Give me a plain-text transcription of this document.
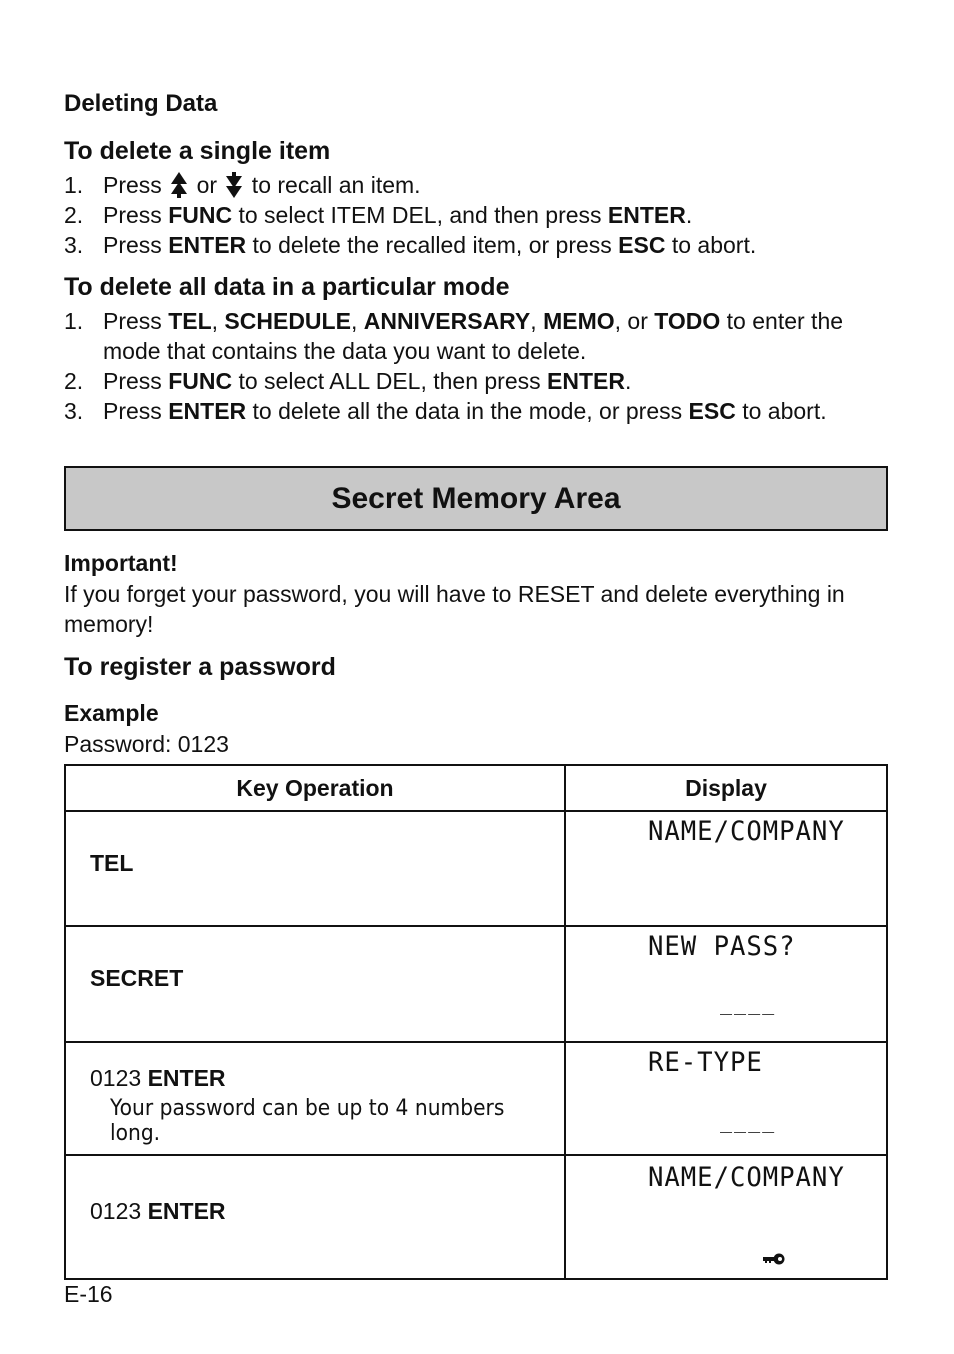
Deleting Data
To delete a single item
1. Press  or  to recall an item.
2. Press FUNC to select ITEM DEL, and then press ENTER.
3. Press ENTER to delete the recalled item, or press ESC to abort.
To delete all data in a particular mode
1. Press TEL, SCHEDULE, ANNIVERSARY, MEMO, or TODO to enter the mode that contains the data you want to delete.
2. Press FUNC to select ALL DEL, then press ENTER.
3. Press ENTER to delete all the data in the mode, or press ESC to abort.
Secret Memory Area
Important!
If you forget your password, you will have to RESET and delete everything in memory!
To register a password
Example
Password: 0123
Key Operation	Display

TEL	NAME/COMPANY

SECRET	NEW PASS?
____

0123 ENTER
Your password can be up to 4 numbers long.	RE-TYPE
____

0123 ENTER	NAME/COMPANY
E-16
